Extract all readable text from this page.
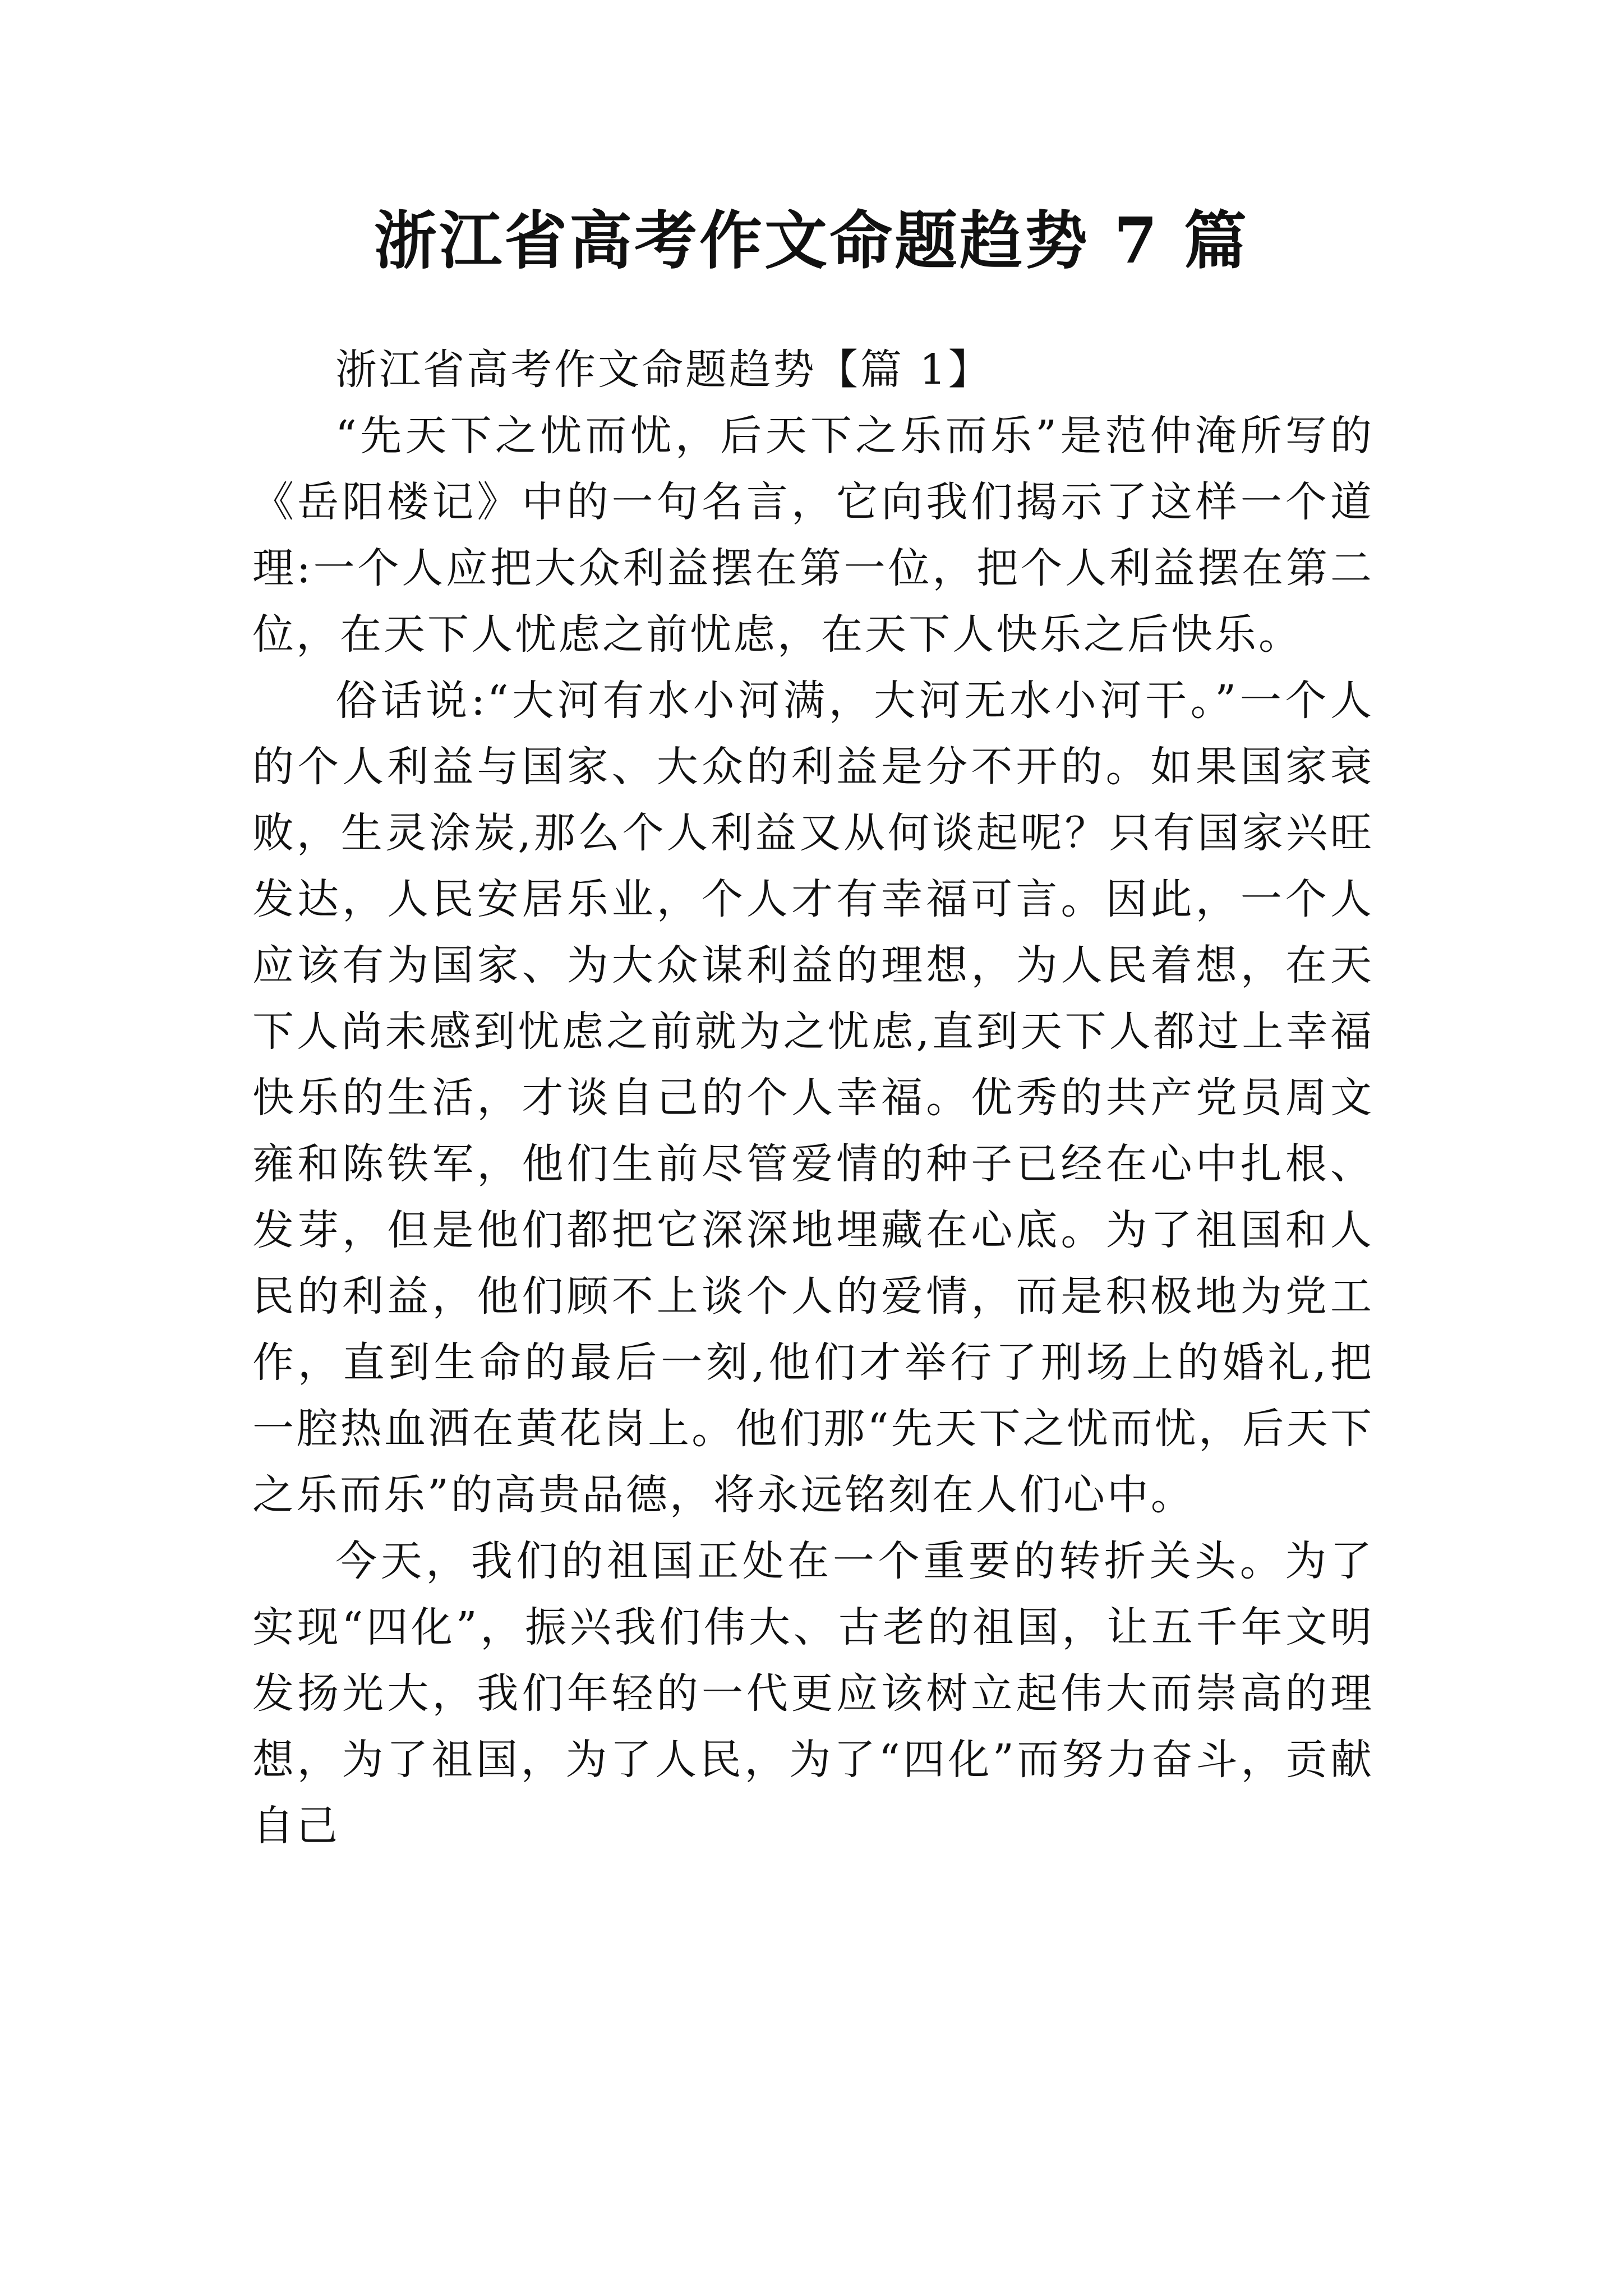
浙江省高考作文命题趋势 7 篇

浙江省高考作文命题趋势【篇 1】

“先天下之忧而忧，后天下之乐而乐”是范仲淹所写的《岳阳楼记》中的一句名言，它向我们揭示了这样一个道理:一个人应把大众利益摆在第一位，把个人利益摆在第二位，在天下人忧虑之前忧虑，在天下人快乐之后快乐。

俗话说:“大河有水小河满，大河无水小河干。”一个人的个人利益与国家、大众的利益是分不开的。如果国家衰败，生灵涂炭,那么个人利益又从何谈起呢？只有国家兴旺发达，人民安居乐业，个人才有幸福可言。因此，一个人应该有为国家、为大众谋利益的理想，为人民着想，在天下人尚未感到忧虑之前就为之忧虑,直到天下人都过上幸福快乐的生活，才谈自己的个人幸福。优秀的共产党员周文雍和陈铁军，他们生前尽管爱情的种子已经在心中扎根、发芽，但是他们都把它深深地埋藏在心底。为了祖国和人民的利益，他们顾不上谈个人的爱情，而是积极地为党工作，直到生命的最后一刻,他们才举行了刑场上的婚礼,把一腔热血洒在黄花岗上。他们那“先天下之忧而忧，后天下之乐而乐”的高贵品德，将永远铭刻在人们心中。

今天，我们的祖国正处在一个重要的转折关头。为了实现“四化”，振兴我们伟大、古老的祖国，让五千年文明发扬光大，我们年轻的一代更应该树立起伟大而崇高的理想，为了祖国，为了人民，为了“四化”而努力奋斗，贡献自己
